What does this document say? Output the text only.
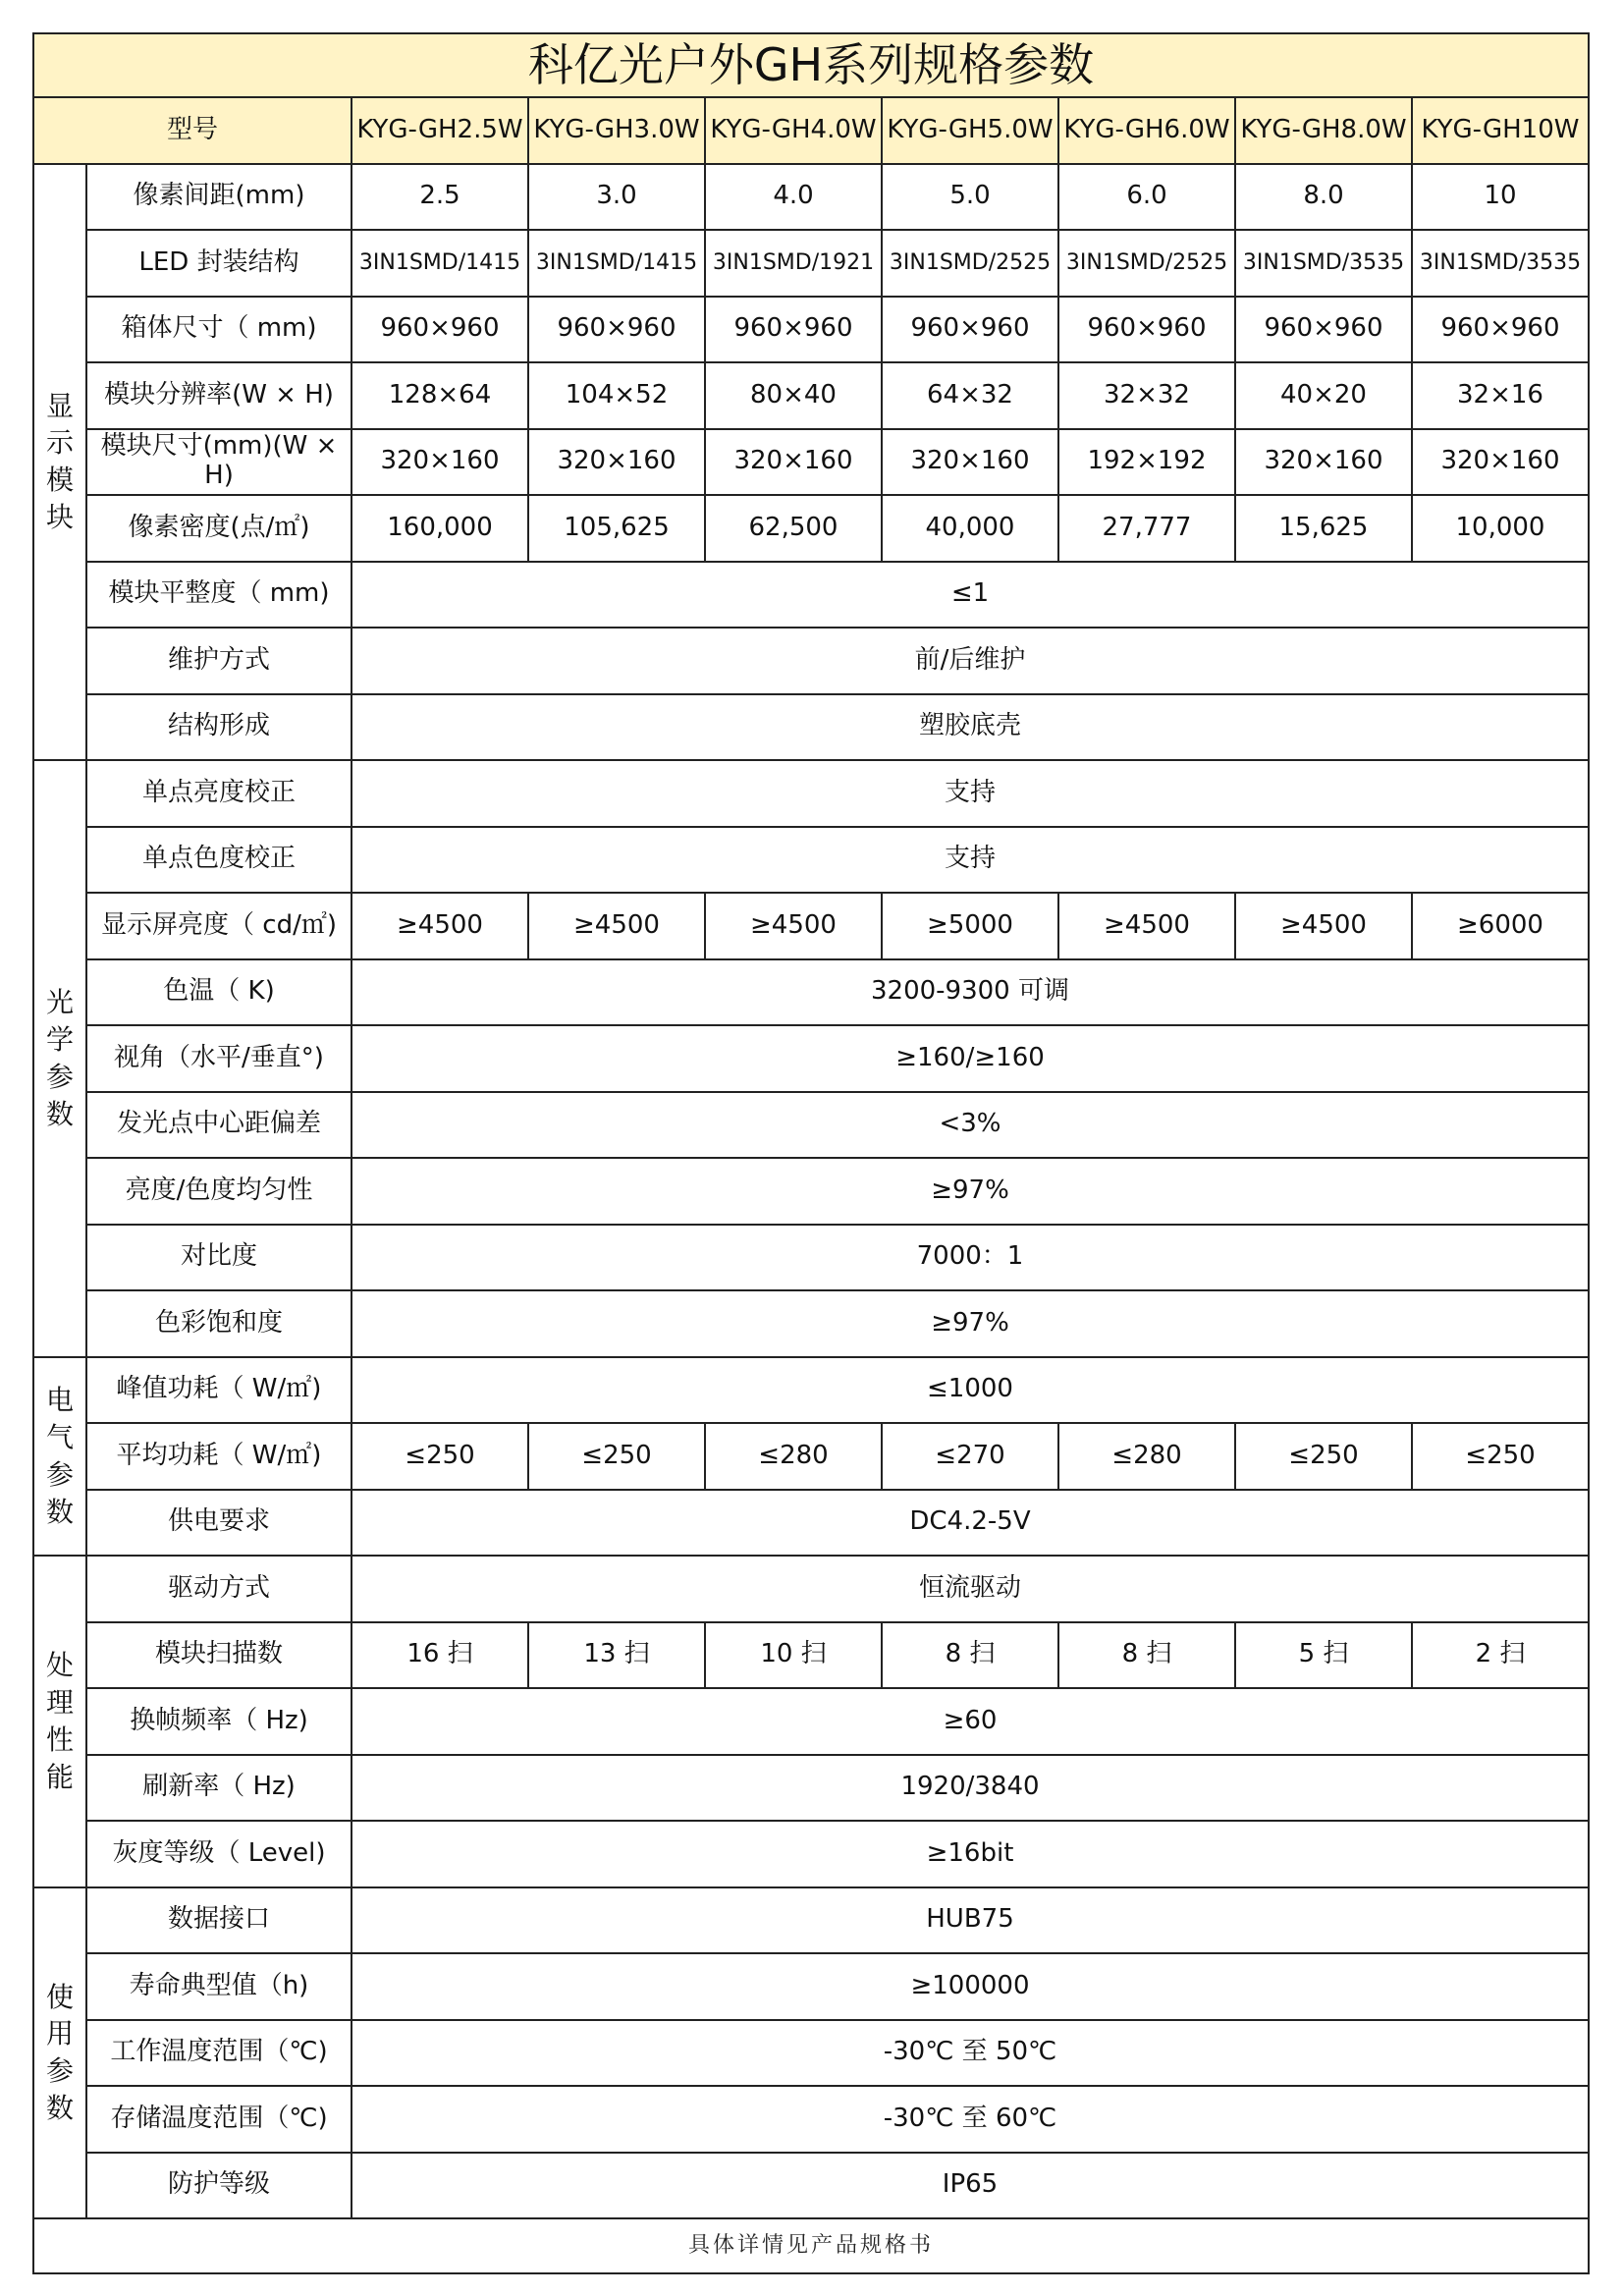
科亿光户外GH系列规格参数								
型号		KYG-GH2.5W	KYG-GH3.0W	KYG-GH4.0W	KYG-GH5.0W	KYG-GH6.0W	KYG-GH8.0W	KYG-GH10W
显
示
模
块	像素间距(mm)	2.5	3.0	4.0	5.0	6.0	8.0	10
	LED 封装结构	3IN1SMD/1415	3IN1SMD/1415	3IN1SMD/1921	3IN1SMD/2525	3IN1SMD/2525	3IN1SMD/3535	3IN1SMD/3535
	箱体尺寸（ mm)	960×960	960×960	960×960	960×960	960×960	960×960	960×960
	模块分辨率(W × H)	128×64	104×52	80×40	64×32	32×32	40×20	32×16
	模块尺寸(mm)(W × H)	320×160	320×160	320×160	320×160	192×192	320×160	320×160
	像素密度(点/㎡)	160,000	105,625	62,500	40,000	27,777	15,625	10,000
	模块平整度（ mm)	≤1						
	维护方式	前/后维护						
	结构形成	塑胶底壳						
光
学
参
数	单点亮度校正	支持						
	单点色度校正	支持						
	显示屏亮度（ cd/㎡)	≥4500	≥4500	≥4500	≥5000	≥4500	≥4500	≥6000
	色温（ K)	3200-9300 可调						
	视角（水平/垂直°)	≥160/≥160						
	发光点中心距偏差	<3%						
	亮度/色度均匀性	≥97%						
	对比度	7000：1						
	色彩饱和度	≥97%						
电
气
参
数	峰值功耗（ W/㎡)	≤1000						
	平均功耗（ W/㎡)	≤250	≤250	≤280	≤270	≤280	≤250	≤250
	供电要求	DC4.2-5V						
处
理
性
能	驱动方式	恒流驱动						
	模块扫描数	16 扫	13 扫	10 扫	8 扫	8 扫	5 扫	2 扫
	换帧频率（ Hz)	≥60						
	刷新率（ Hz)	1920/3840						
	灰度等级（ Level)	≥16bit						
使
用
参
数	数据接口	HUB75						
	寿命典型值（h)	≥100000						
	工作温度范围（℃)	-30℃ 至 50℃						
	存储温度范围（℃)	-30℃ 至 60℃						
	防护等级	IP65						
具体详情见产品规格书								
